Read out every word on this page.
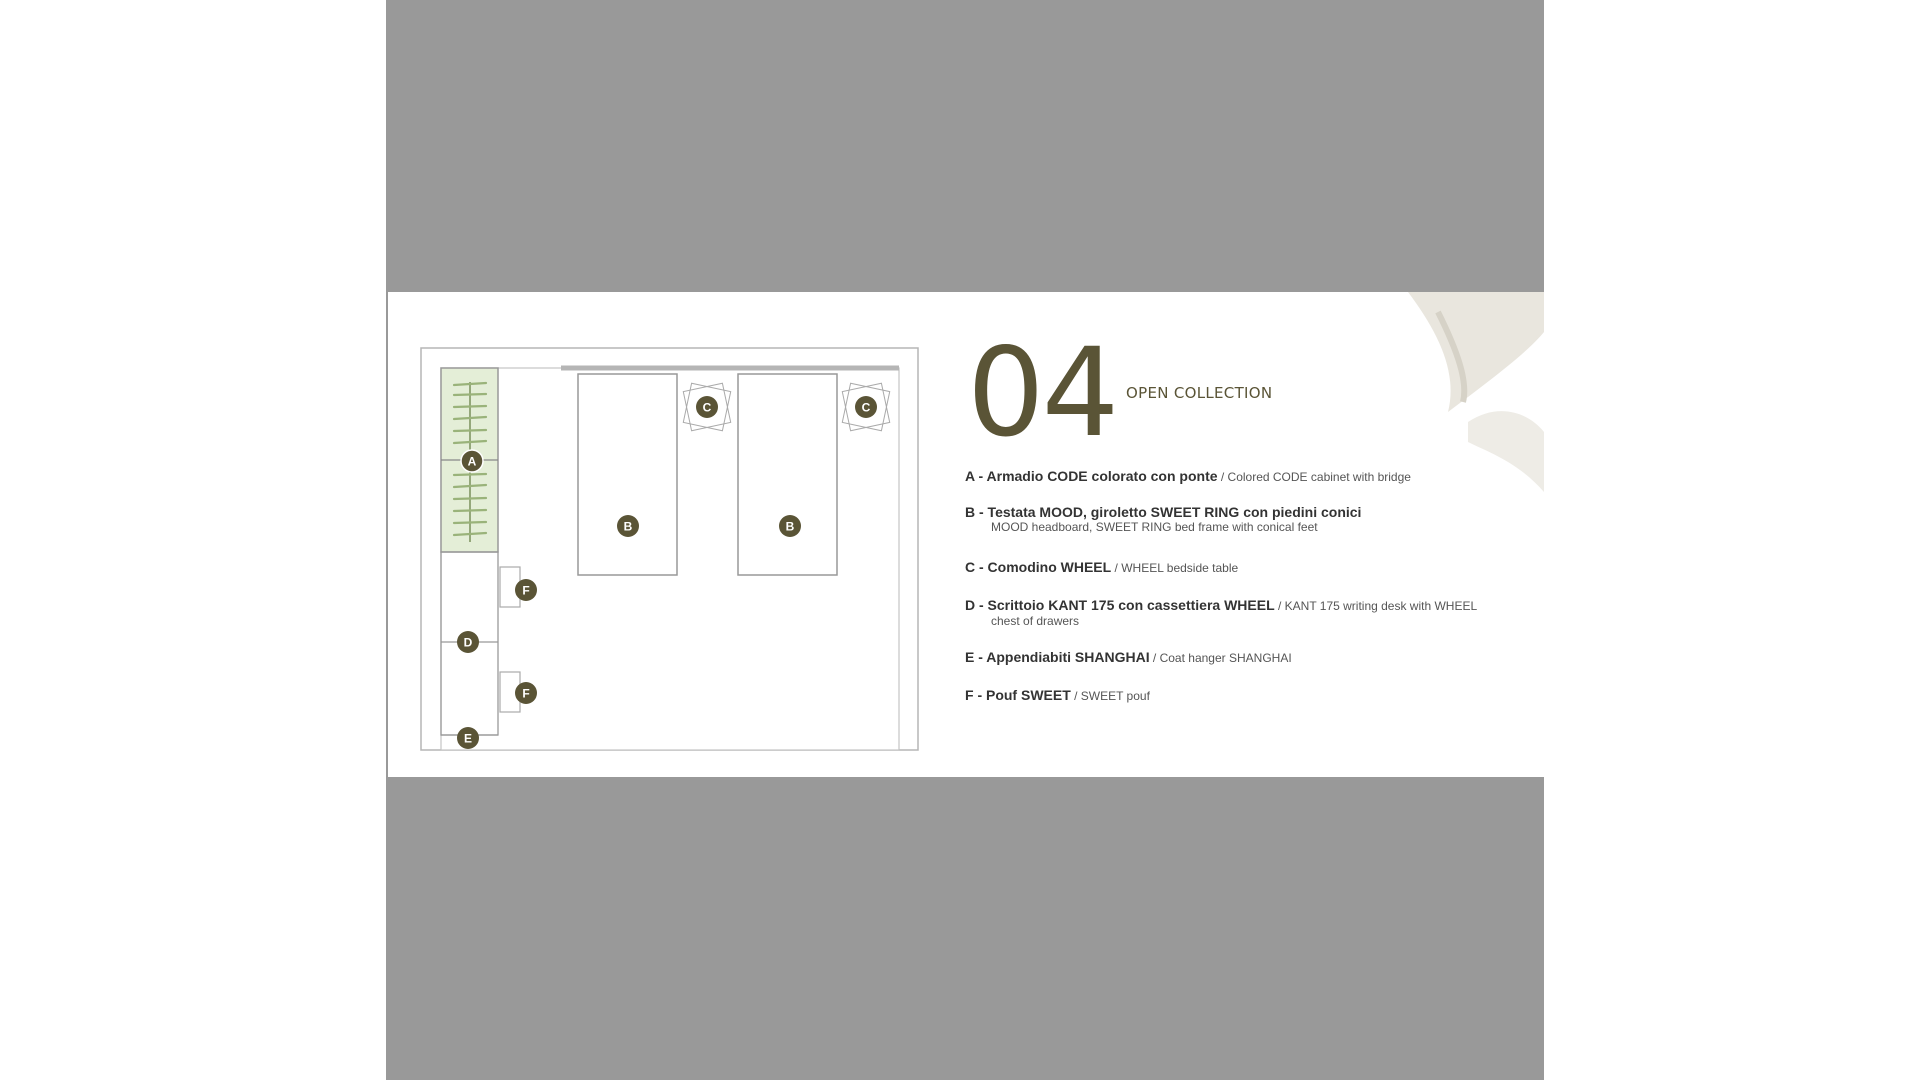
A
B	B
C	C
D
E
F
F
04 OPEN COLLECTION
A - Armadio CODE colorato con ponte / Colored CODE cabinet with bridge
B - Testata MOOD, giroletto SWEET RING con piedini conici
MOOD headboard, SWEET RING bed frame with conical feet
C - Comodino WHEEL / WHEEL bedside table
D - Scrittoio KANT 175 con cassettiera WHEEL / KANT 175 writing desk with WHEEL
chest of drawers
E - Appendiabiti SHANGHAI / Coat hanger SHANGHAI
F - Pouf SWEET / SWEET pouf
